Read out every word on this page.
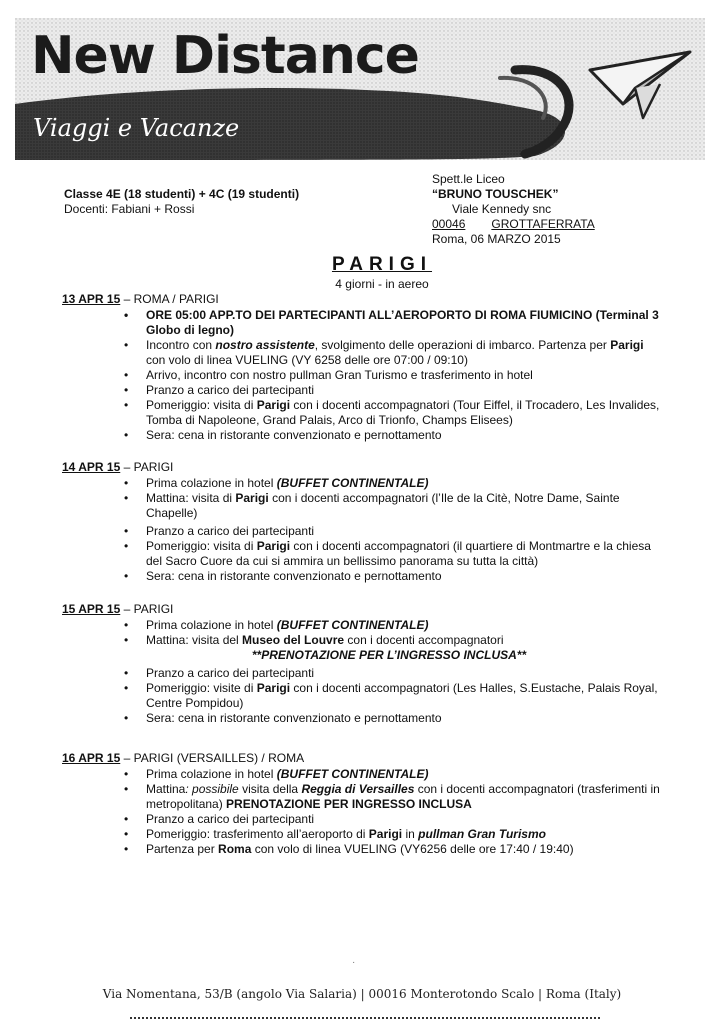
New Distance
Viaggi e Vacanze
Classe 4E (18 studenti) + 4C (19 studenti)
Docenti: Fabiani + Rossi
Spett.le Liceo
“BRUNO TOUSCHEK”
Viale Kennedy snc
00046 GROTTAFERRATA
Roma, 06 MARZO 2015
PARIGI
4 giorni - in aereo
13 APR 15 – ROMA / PARIGI
• ORE 05:00 APP.TO DEI PARTECIPANTI ALL’AEROPORTO DI ROMA FIUMICINO (Terminal 3 Globo di legno)
• Incontro con nostro assistente, svolgimento delle operazioni di imbarco. Partenza per Parigi con volo di linea VUELING (VY 6258 delle ore 07:00 / 09:10)
• Arrivo, incontro con nostro pullman Gran Turismo e trasferimento in hotel
• Pranzo a carico dei partecipanti
• Pomeriggio: visita di Parigi con i docenti accompagnatori (Tour Eiffel, il Trocadero, Les Invalides, Tomba di Napoleone, Grand Palais, Arco di Trionfo, Champs Elisees)
• Sera: cena in ristorante convenzionato e pernottamento
14 APR 15 – PARIGI
• Prima colazione in hotel (BUFFET CONTINENTALE)
• Mattina: visita di Parigi con i docenti accompagnatori (l’Ile de la Citè, Notre Dame, Sainte Chapelle)
• Pranzo a carico dei partecipanti
• Pomeriggio: visita di Parigi con i docenti accompagnatori (il quartiere di Montmartre e la chiesa del Sacro Cuore da cui si ammira un bellissimo panorama su tutta la città)
• Sera: cena in ristorante convenzionato e pernottamento
15 APR 15 – PARIGI
• Prima colazione in hotel (BUFFET CONTINENTALE)
• Mattina: visita del Museo del Louvre con i docenti accompagnatori
**PRENOTAZIONE PER L’INGRESSO INCLUSA**
• Pranzo a carico dei partecipanti
• Pomeriggio: visite di Parigi con i docenti accompagnatori (Les Halles, S.Eustache, Palais Royal, Centre Pompidou)
• Sera: cena in ristorante convenzionato e pernottamento
16 APR 15 – PARIGI (VERSAILLES) / ROMA
• Prima colazione in hotel (BUFFET CONTINENTALE)
• Mattina: possibile visita della Reggia di Versailles con i docenti accompagnatori (trasferimenti in metropolitana) PRENOTAZIONE PER INGRESSO INCLUSA
• Pranzo a carico dei partecipanti
• Pomeriggio: trasferimento all’aeroporto di Parigi in pullman Gran Turismo
• Partenza per Roma con volo di linea VUELING (VY6256 delle ore 17:40 / 19:40)
·
Via Nomentana, 53/B (angolo Via Salaria) | 00016 Monterotondo Scalo | Roma (Italy)
